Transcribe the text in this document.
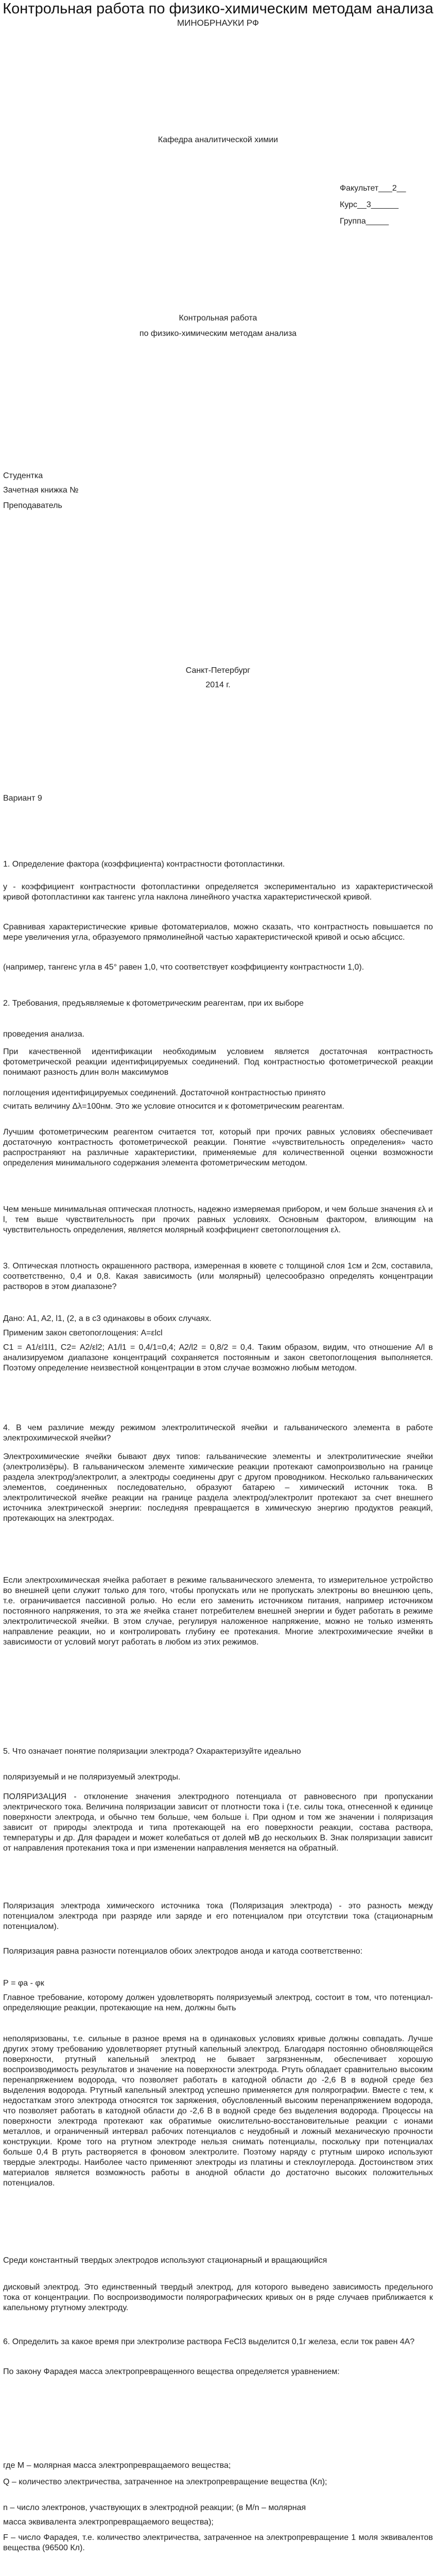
Контрольная работа по физико-химическим методам анализа
МИНОБРНАУКИ РФ
Кафедра аналитической химии
Факультет___2__
Курс__3______
Группа_____
Контрольная работа
по физико-химическим методам анализа
Студентка
Зачетная книжка №
Преподаватель
Санкт-Петербург
2014 г.
Вариант 9
1. Определение фактора (коэффициента) контрастности фотопластинки.
у - коэффициент контрастности фотопластинки определяется экспериментально из характеристической кривой фотопластинки как тангенс угла наклона линейного участка характеристической кривой.
Сравнивая характеристические кривые фотоматериалов, можно сказать, что контрастность повышается по мере увеличения угла, образуемого прямолинейной частью характеристической кривой и осью абсцисс.
(например, тангенс угла в 45° равен 1,0, что соответствует коэффициенту контрастности 1,0).
2. Требования, предъявляемые к фотометрическим реагентам, при их выборе
проведения анализа.
При качественной идентификации необходимым условием является достаточная контрастность фотометрической реакции идентифицируемых соединений. Под контрастностью фотометрической реакции понимают разность длин волн максимумов
поглощения идентифицируемых соединений. Достаточной контрастностью принято
считать величину Δλ=100нм. Это же условие относится и к фотометрическим реагентам.
Лучшим фотометрическим реагентом считается тот, который при прочих равных условиях обеспечивает достаточную контрастность фотометрической реакции. Понятие «чувствительность определения» часто распространяют на различные характеристики, применяемые для количественной оценки возможности определения минимального содержания элемента фотометрическим методом.
Чем меньше минимальная оптическая плотность, надежно измеряемая прибором, и чем больше значения ελ и l, тем выше чувствительность при прочих равных условиях. Основным фактором, влияющим на чувствительность определения, является молярный коэффициент светопоглощения ελ.
3. Оптическая плотность окрашенного раствора, измеренная в кювете с толщиной слоя 1см и 2см, составила, соответственно, 0,4 и 0,8. Какая зависимость (или молярный) целесообразно определять концентрации растворов в этом диапазоне?
Дано: A1, A2, l1, (2, а в с3 одинаковы в обоих случаях.
Применим закон светопоглощения: A=εlcl
С1 = A1/εl1l1, С2= A2/εl2; A1/l1 = 0,4/1=0,4; A2/l2 = 0,8/2 = 0,4. Таким образом, видим, что отношение A/l в анализируемом диапазоне концентраций сохраняется постоянным и закон светопоглощения выполняется. Поэтому определение неизвестной концентрации в этом случае возможно любым методом.
4. В чем различие между режимом электролитической ячейки и гальванического элемента в работе электрохимической ячейки?
Электрохимические ячейки бывают двух типов: гальванические элементы и электролитические ячейки (электролизёры). В гальваническом элементе химические реакции протекают самопроизвольно на границе раздела электрод/электролит, а электроды соединены друг с другом проводником. Несколько гальванических элементов, соединенных последовательно, образуют батарею – химический источник тока. В электролитической ячейке реакции на границе раздела электрод/электролит протекают за счет внешнего источника электрической энергии: последняя превращается в химическую энергию продуктов реакций, протекающих на электродах.
Если электрохимическая ячейка работает в режиме гальванического элемента, то измерительное устройство во внешней цепи служит только для того, чтобы пропускать или не пропускать электроны во внешнюю цепь, т.е. ограничивается пассивной ролью. Но если его заменить источником питания, например источником постоянного напряжения, то эта же ячейка станет потребителем внешней энергии и будет работать в режиме электролитической ячейки. В этом случае, регулируя наложенное напряжение, можно не только изменять направление реакции, но и контролировать глубину ее протекания. Многие электрохимические ячейки в зависимости от условий могут работать в любом из этих режимов.
5. Что означает понятие поляризации электрода? Охарактеризуйте идеально
поляризуемый и не поляризуемый электроды.
ПОЛЯРИЗАЦИЯ - отклонение значения электродного потенциала от равновесного при пропускании электрического тока. Величина поляризации зависит от плотности тока i (т.е. силы тока, отнесенной к единице поверхности электрода, и обычно тем больше, чем больше i. При одном и том же значении i поляризация зависит от природы электрода и типа протекающей на его поверхности реакции, состава раствора, температуры и др. Для фарадеи и может колебаться от долей мВ до нескольких В. Знак поляризации зависит от направления протекания тока и при изменении направления меняется на обратный.
Поляризация электрода химического источника тока (Поляризация электрода) - это разность между потенциалом электрода при разряде или заряде и его потенциалом при отсутствии тока (стационарным потенциалом).
Поляризация равна разности потенциалов обоих электродов анода и катода соответственно:
Р = φа - φк
Главное требование, которому должен удовлетворять поляризуемый электрод, состоит в том, что потенциал-определяющие реакции, протекающие на нем, должны быть
неполяризованы, т.е. сильные в разное время на в одинаковых условиях кривые должны совпадать. Лучше других этому требованию удовлетворяет ртутный капельный электрод. Благодаря постоянно обновляющейся поверхности, ртутный капельный электрод не бывает загрязненным, обеспечивает хорошую воспроизводимость результатов и значение на поверхности электрода. Ртуть обладает сравнительно высоким перенапряжением водорода, что позволяет работать в катодной области до -2,6 В в водной среде без выделения водорода. Ртутный капельный электрод успешно применяется для полярографии. Вместе с тем, к недостаткам этого электрода относятся ток заряжения, обусловленный высоким перенапряжением водорода, что позволяет работать в катодной области до -2,6 В в водной среде без выделения водорода. Процессы на поверхности электрода протекают как обратимые окислительно-восстановительные реакции с ионами металлов, и ограниченный интервал рабочих потенциалов с неудобный и ложный механическую прочности конструкции. Кроме того на ртутном электроде нельзя снимать потенциалы, поскольку при потенциалах больше 0,4 В ртуть растворяется в фоновом электролите. Поэтому наряду с ртутным широко используют твердые электроды. Наиболее часто применяют электроды из платины и стеклоуглерода. Достоинством этих материалов является возможность работы в анодной области до достаточно высоких положительных потенциалов.
Среди константный твердых электродов используют стационарный и вращающийся
дисковый электрод. Это единственный твердый электрод, для которого выведено зависимость предельного тока от концентрации. По воспроизводимости полярографических кривых он в ряде случаев приближается к капельному ртутному электроду.
6. Определить за какое время при электролизе раствора FeCl3 выделится 0,1г железа, если ток равен 4А?
По закону Фарадея масса электропревращенного вещества определяется уравнением:
где M – молярная масса электропревращаемого вещества;
Q – количество электричества, затраченное на электропревращение вещества (Кл);
n – число электронов, участвующих в электродной реакции; (в M/n – молярная
масса эквивалента электропревращаемого вещества);
F – число Фарадея, т.е. количество электричества, затраченное на электропревращение 1 моля эквивалентов вещества (96500 Кл).
